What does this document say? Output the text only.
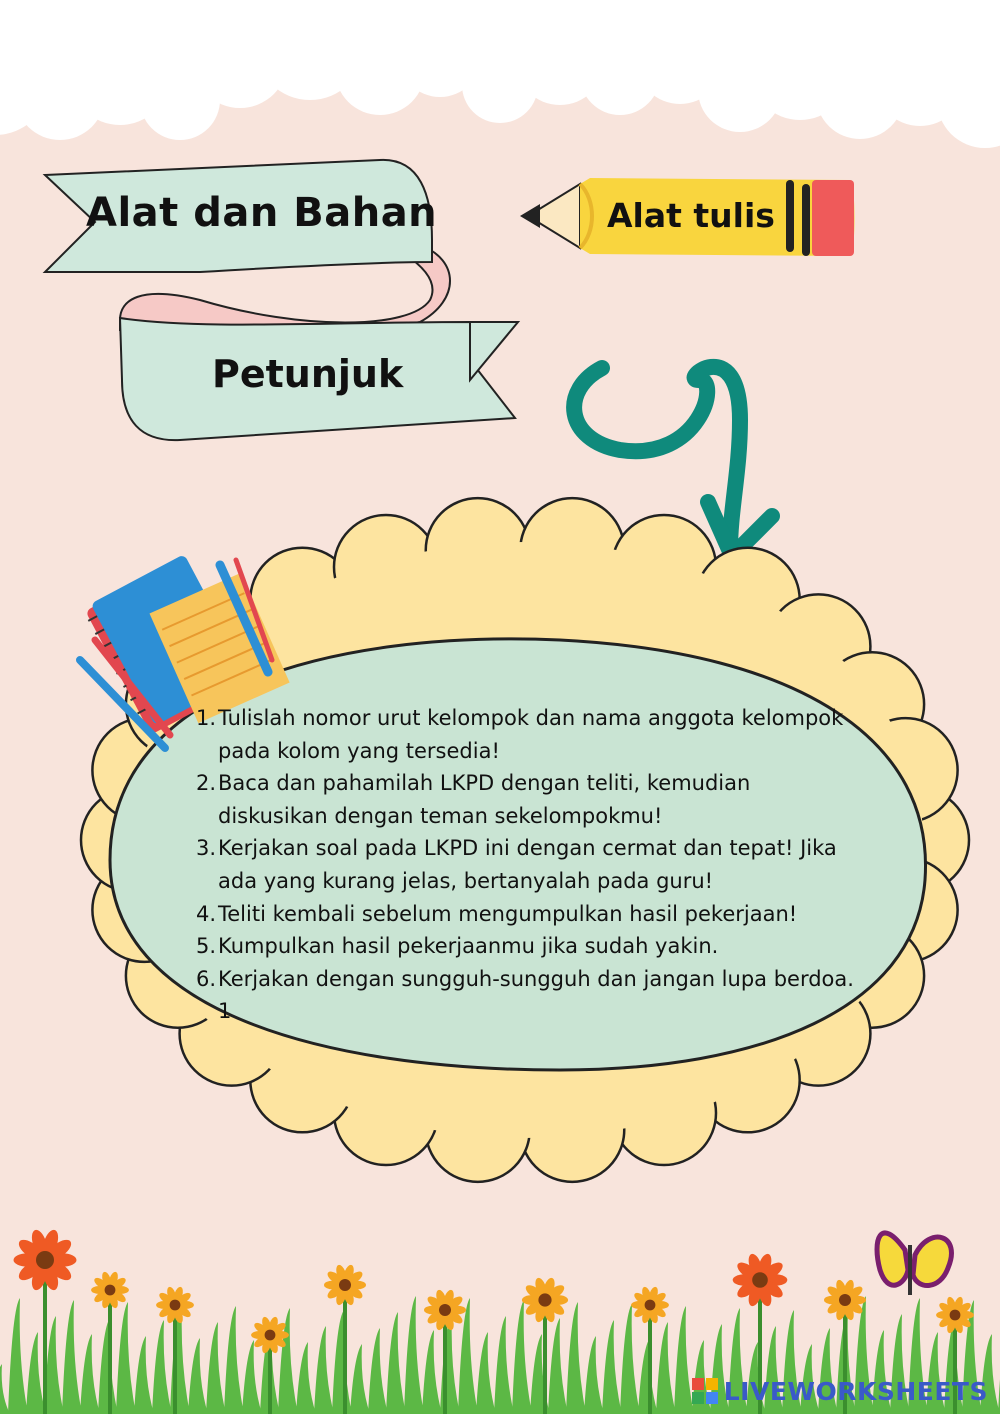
Alat dan Bahan
Petunjuk
Alat tulis
1. Tulislah nomor urut kelompok dan nama anggota kelompok pada kolom yang tersedia!
2. Baca dan pahamilah LKPD dengan teliti, kemudian diskusikan dengan teman sekelompokmu!
3. Kerjakan soal pada LKPD ini dengan cermat dan tepat! Jika ada yang kurang jelas, bertanyalah pada guru!
4. Teliti kembali sebelum mengumpulkan hasil pekerjaan!
5. Kumpulkan hasil pekerjaanmu jika sudah yakin.
6. Kerjakan dengan sungguh-sungguh dan jangan lupa berdoa. 1
LIVEWORKSHEETS
